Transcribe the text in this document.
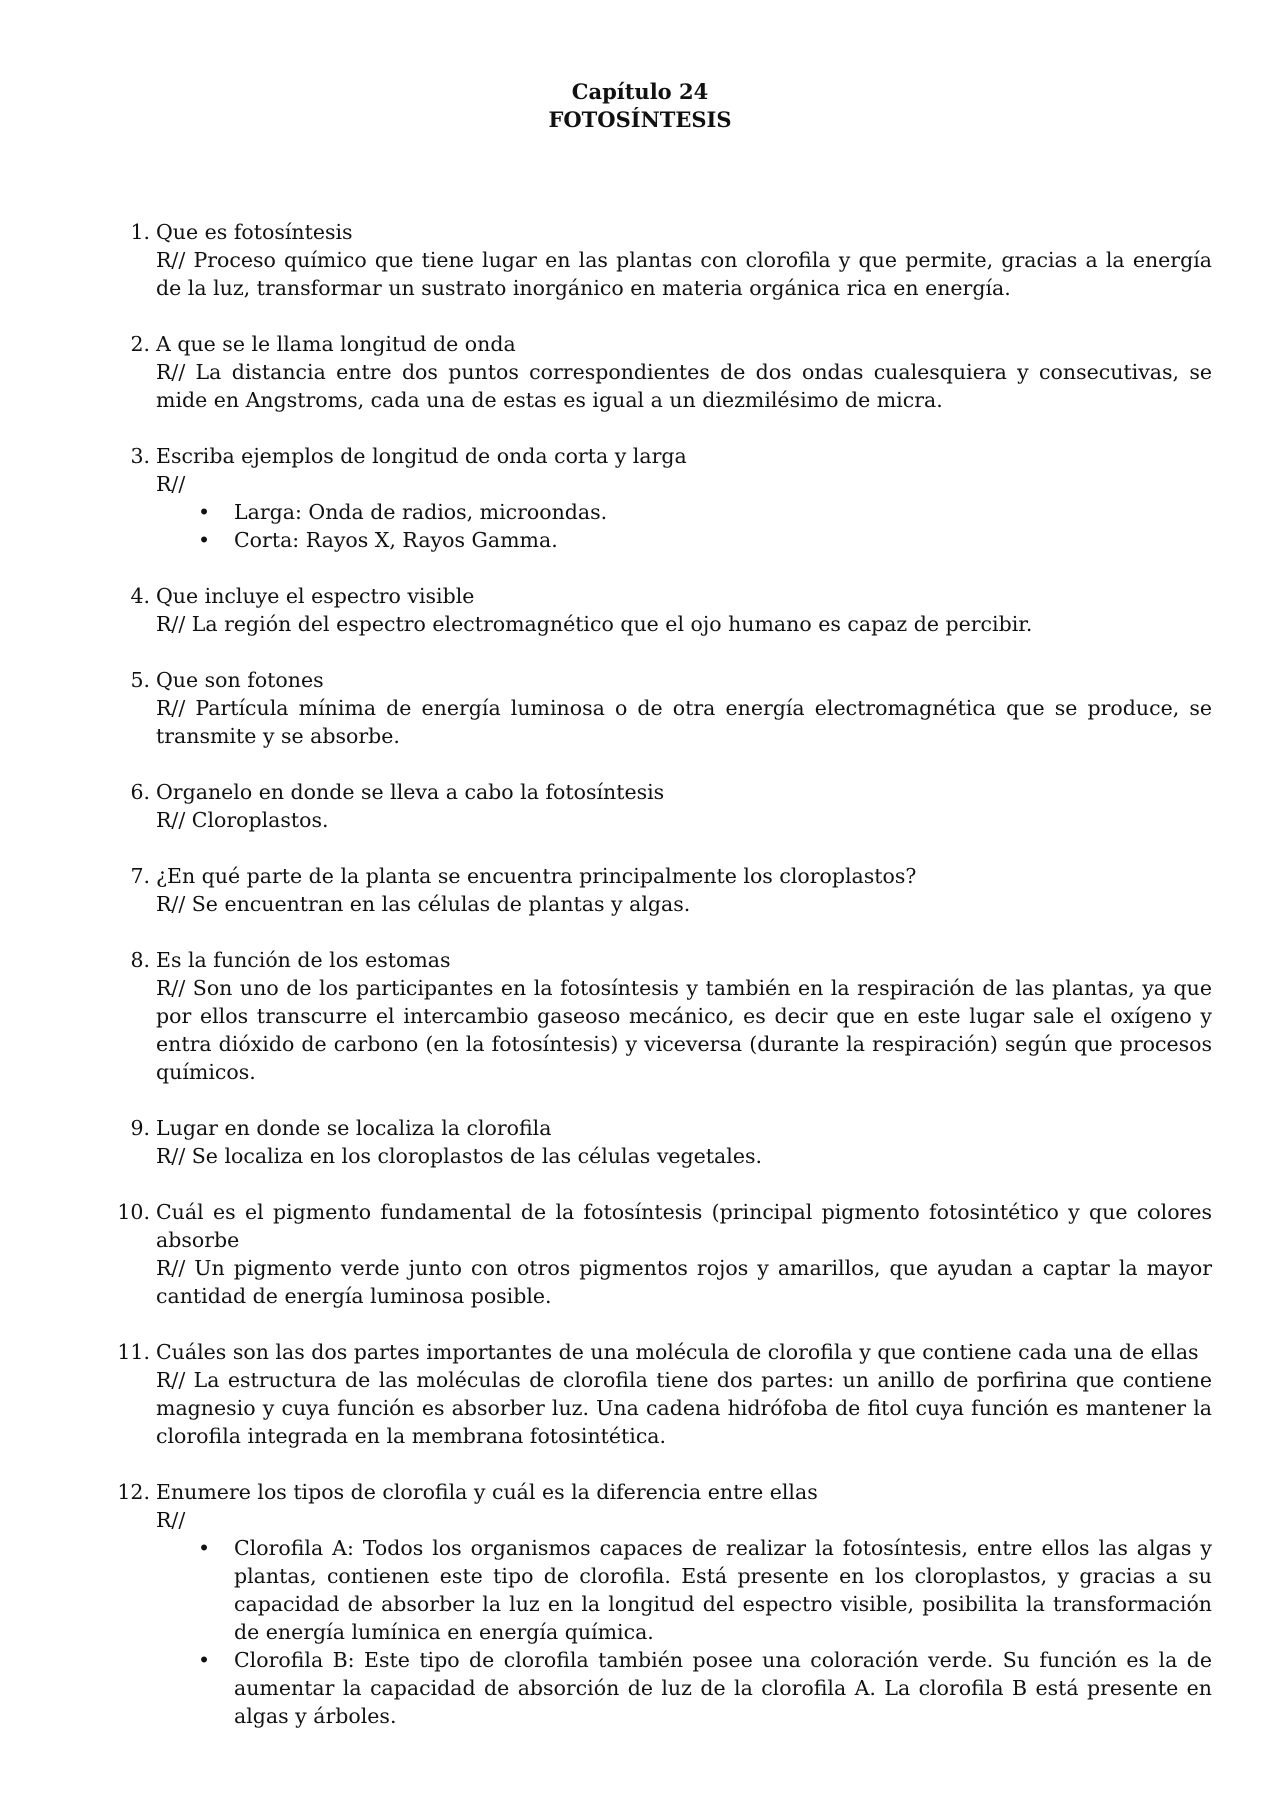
Capítulo 24
FOTOSÍNTESIS
1. Que es fotosíntesis
R// Proceso químico que tiene lugar en las plantas con clorofila y que permite, gracias a la energía de la luz, transformar un sustrato inorgánico en materia orgánica rica en energía.
2. A que se le llama longitud de onda
R// La distancia entre dos puntos correspondientes de dos ondas cualesquiera y consecutivas, se mide en Angstroms, cada una de estas es igual a un diezmilésimo de micra.
3. Escriba ejemplos de longitud de onda corta y larga
R//
• Larga: Onda de radios, microondas.
• Corta: Rayos X, Rayos Gamma.
4. Que incluye el espectro visible
R// La región del espectro electromagnético que el ojo humano es capaz de percibir.
5. Que son fotones
R// Partícula mínima de energía luminosa o de otra energía electromagnética que se produce, se transmite y se absorbe.
6. Organelo en donde se lleva a cabo la fotosíntesis
R// Cloroplastos.
7. ¿En qué parte de la planta se encuentra principalmente los cloroplastos?
R// Se encuentran en las células de plantas y algas.
8. Es la función de los estomas
R// Son uno de los participantes en la fotosíntesis y también en la respiración de las plantas, ya que por ellos transcurre el intercambio gaseoso mecánico, es decir que en este lugar sale el oxígeno y entra dióxido de carbono (en la fotosíntesis) y viceversa (durante la respiración) según que procesos químicos.
9. Lugar en donde se localiza la clorofila
R// Se localiza en los cloroplastos de las células vegetales.
10. Cuál es el pigmento fundamental de la fotosíntesis (principal pigmento fotosintético y que colores absorbe
R// Un pigmento verde junto con otros pigmentos rojos y amarillos, que ayudan a captar la mayor cantidad de energía luminosa posible.
11. Cuáles son las dos partes importantes de una molécula de clorofila y que contiene cada una de ellas
R// La estructura de las moléculas de clorofila tiene dos partes: un anillo de porfirina que contiene magnesio y cuya función es absorber luz. Una cadena hidrófoba de fitol cuya función es mantener la clorofila integrada en la membrana fotosintética.
12. Enumere los tipos de clorofila y cuál es la diferencia entre ellas
R//
• Clorofila A: Todos los organismos capaces de realizar la fotosíntesis, entre ellos las algas y plantas, contienen este tipo de clorofila. Está presente en los cloroplastos, y gracias a su capacidad de absorber la luz en la longitud del espectro visible, posibilita la transformación de energía lumínica en energía química.
• Clorofila B: Este tipo de clorofila también posee una coloración verde. Su función es la de aumentar la capacidad de absorción de luz de la clorofila A. La clorofila B está presente en algas y árboles.
